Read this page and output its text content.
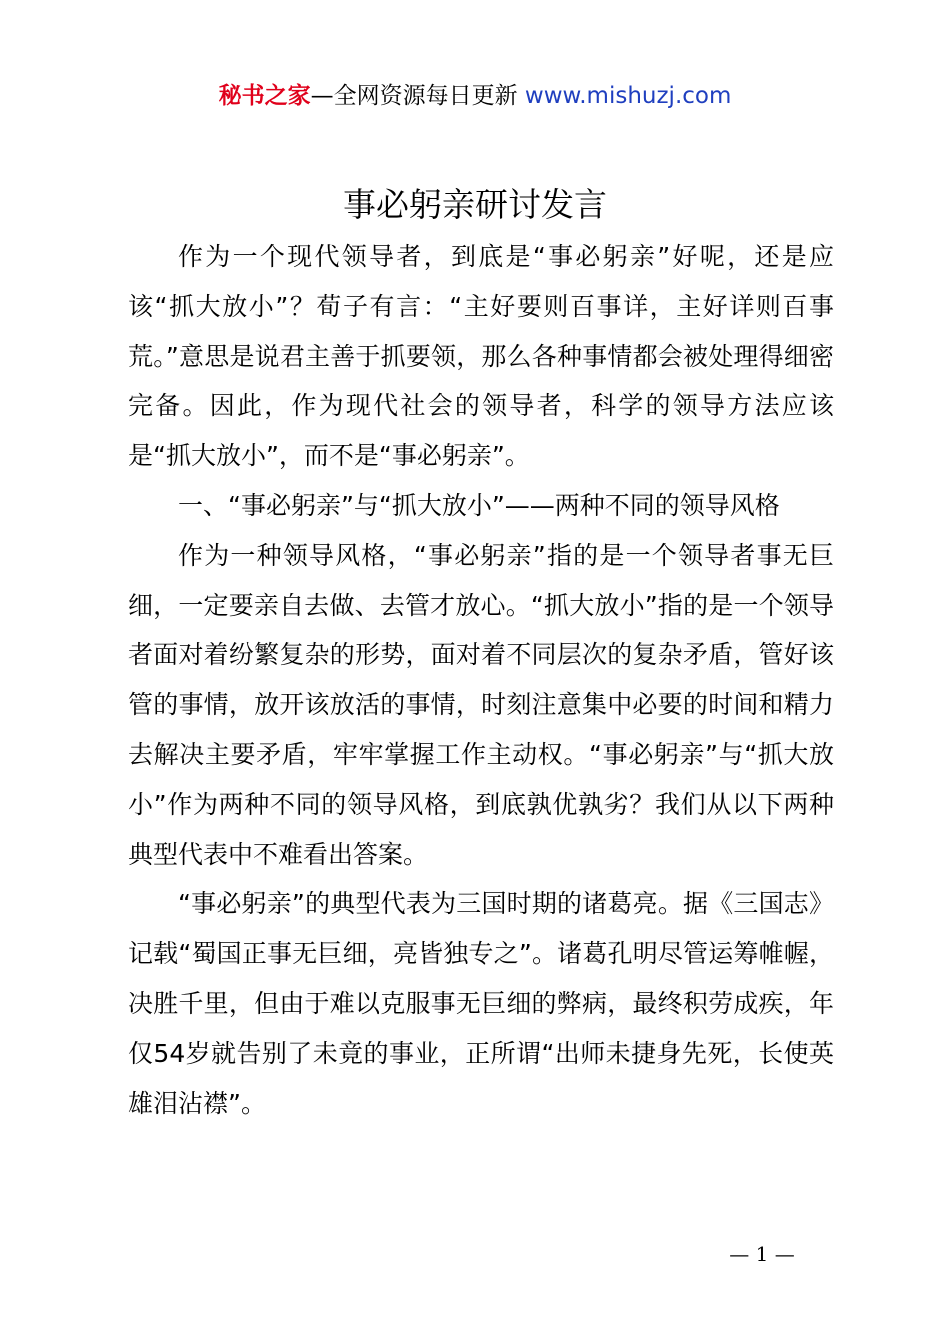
秘书之家—全网资源每日更新 www.mishuzj.com
事必躬亲研讨发言

作为一个现代领导者，到底是“事必躬亲”好呢，还是应该“抓大放小”？荀子有言：“主好要则百事详，主好详则百事荒。”意思是说君主善于抓要领，那么各种事情都会被处理得细密完备。因此，作为现代社会的领导者，科学的领导方法应该是“抓大放小”，而不是“事必躬亲”。

一、“事必躬亲”与“抓大放小”——两种不同的领导风格

作为一种领导风格，“事必躬亲”指的是一个领导者事无巨细，一定要亲自去做、去管才放心。“抓大放小”指的是一个领导者面对着纷繁复杂的形势，面对着不同层次的复杂矛盾，管好该管的事情，放开该放活的事情，时刻注意集中必要的时间和精力去解决主要矛盾，牢牢掌握工作主动权。“事必躬亲”与“抓大放小”作为两种不同的领导风格，到底孰优孰劣？我们从以下两种典型代表中不难看出答案。

“事必躬亲”的典型代表为三国时期的诸葛亮。据《三国志》记载“蜀国正事无巨细，亮皆独专之”。诸葛孔明尽管运筹帷幄，决胜千里，但由于难以克服事无巨细的弊病，最终积劳成疾，年仅54岁就告别了未竟的事业，正所谓“出师未捷身先死，长使英雄泪沾襟”。

— 1 —
